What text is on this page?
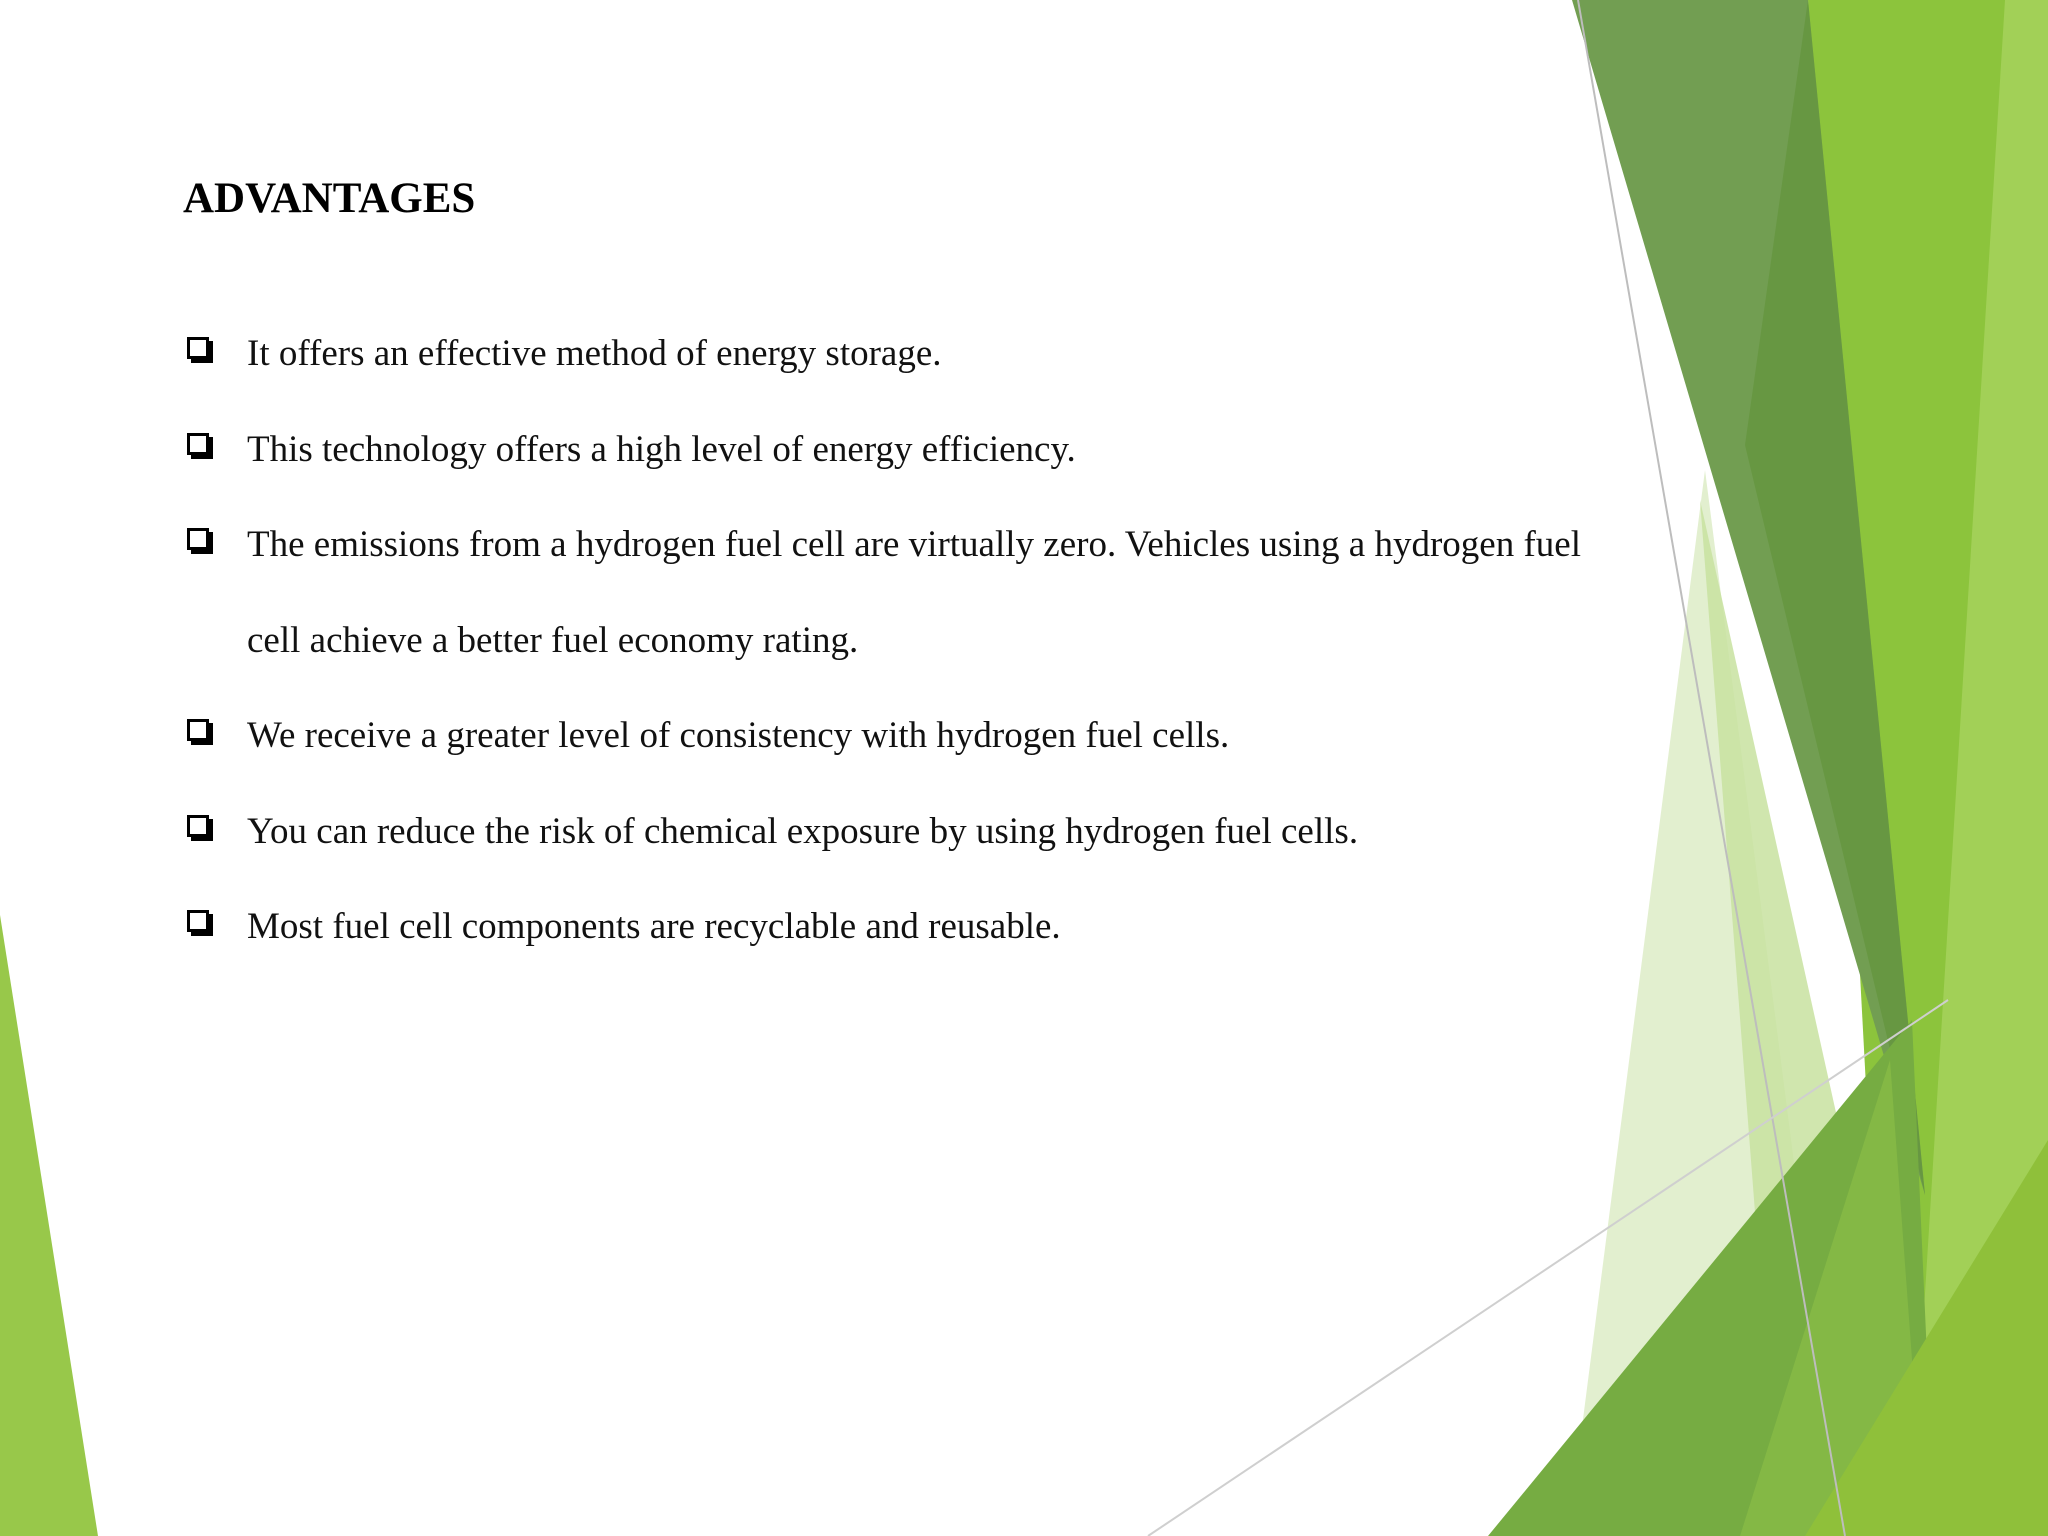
ADVANTAGES
It offers an effective method of energy storage.
This technology offers a high level of energy efficiency.
The emissions from a hydrogen fuel cell are virtually zero. Vehicles using a hydrogen fuel cell achieve a better fuel economy rating.
We receive a greater level of consistency with hydrogen fuel cells.
You can reduce the risk of chemical exposure by using hydrogen fuel cells.
Most fuel cell components are recyclable and reusable.
